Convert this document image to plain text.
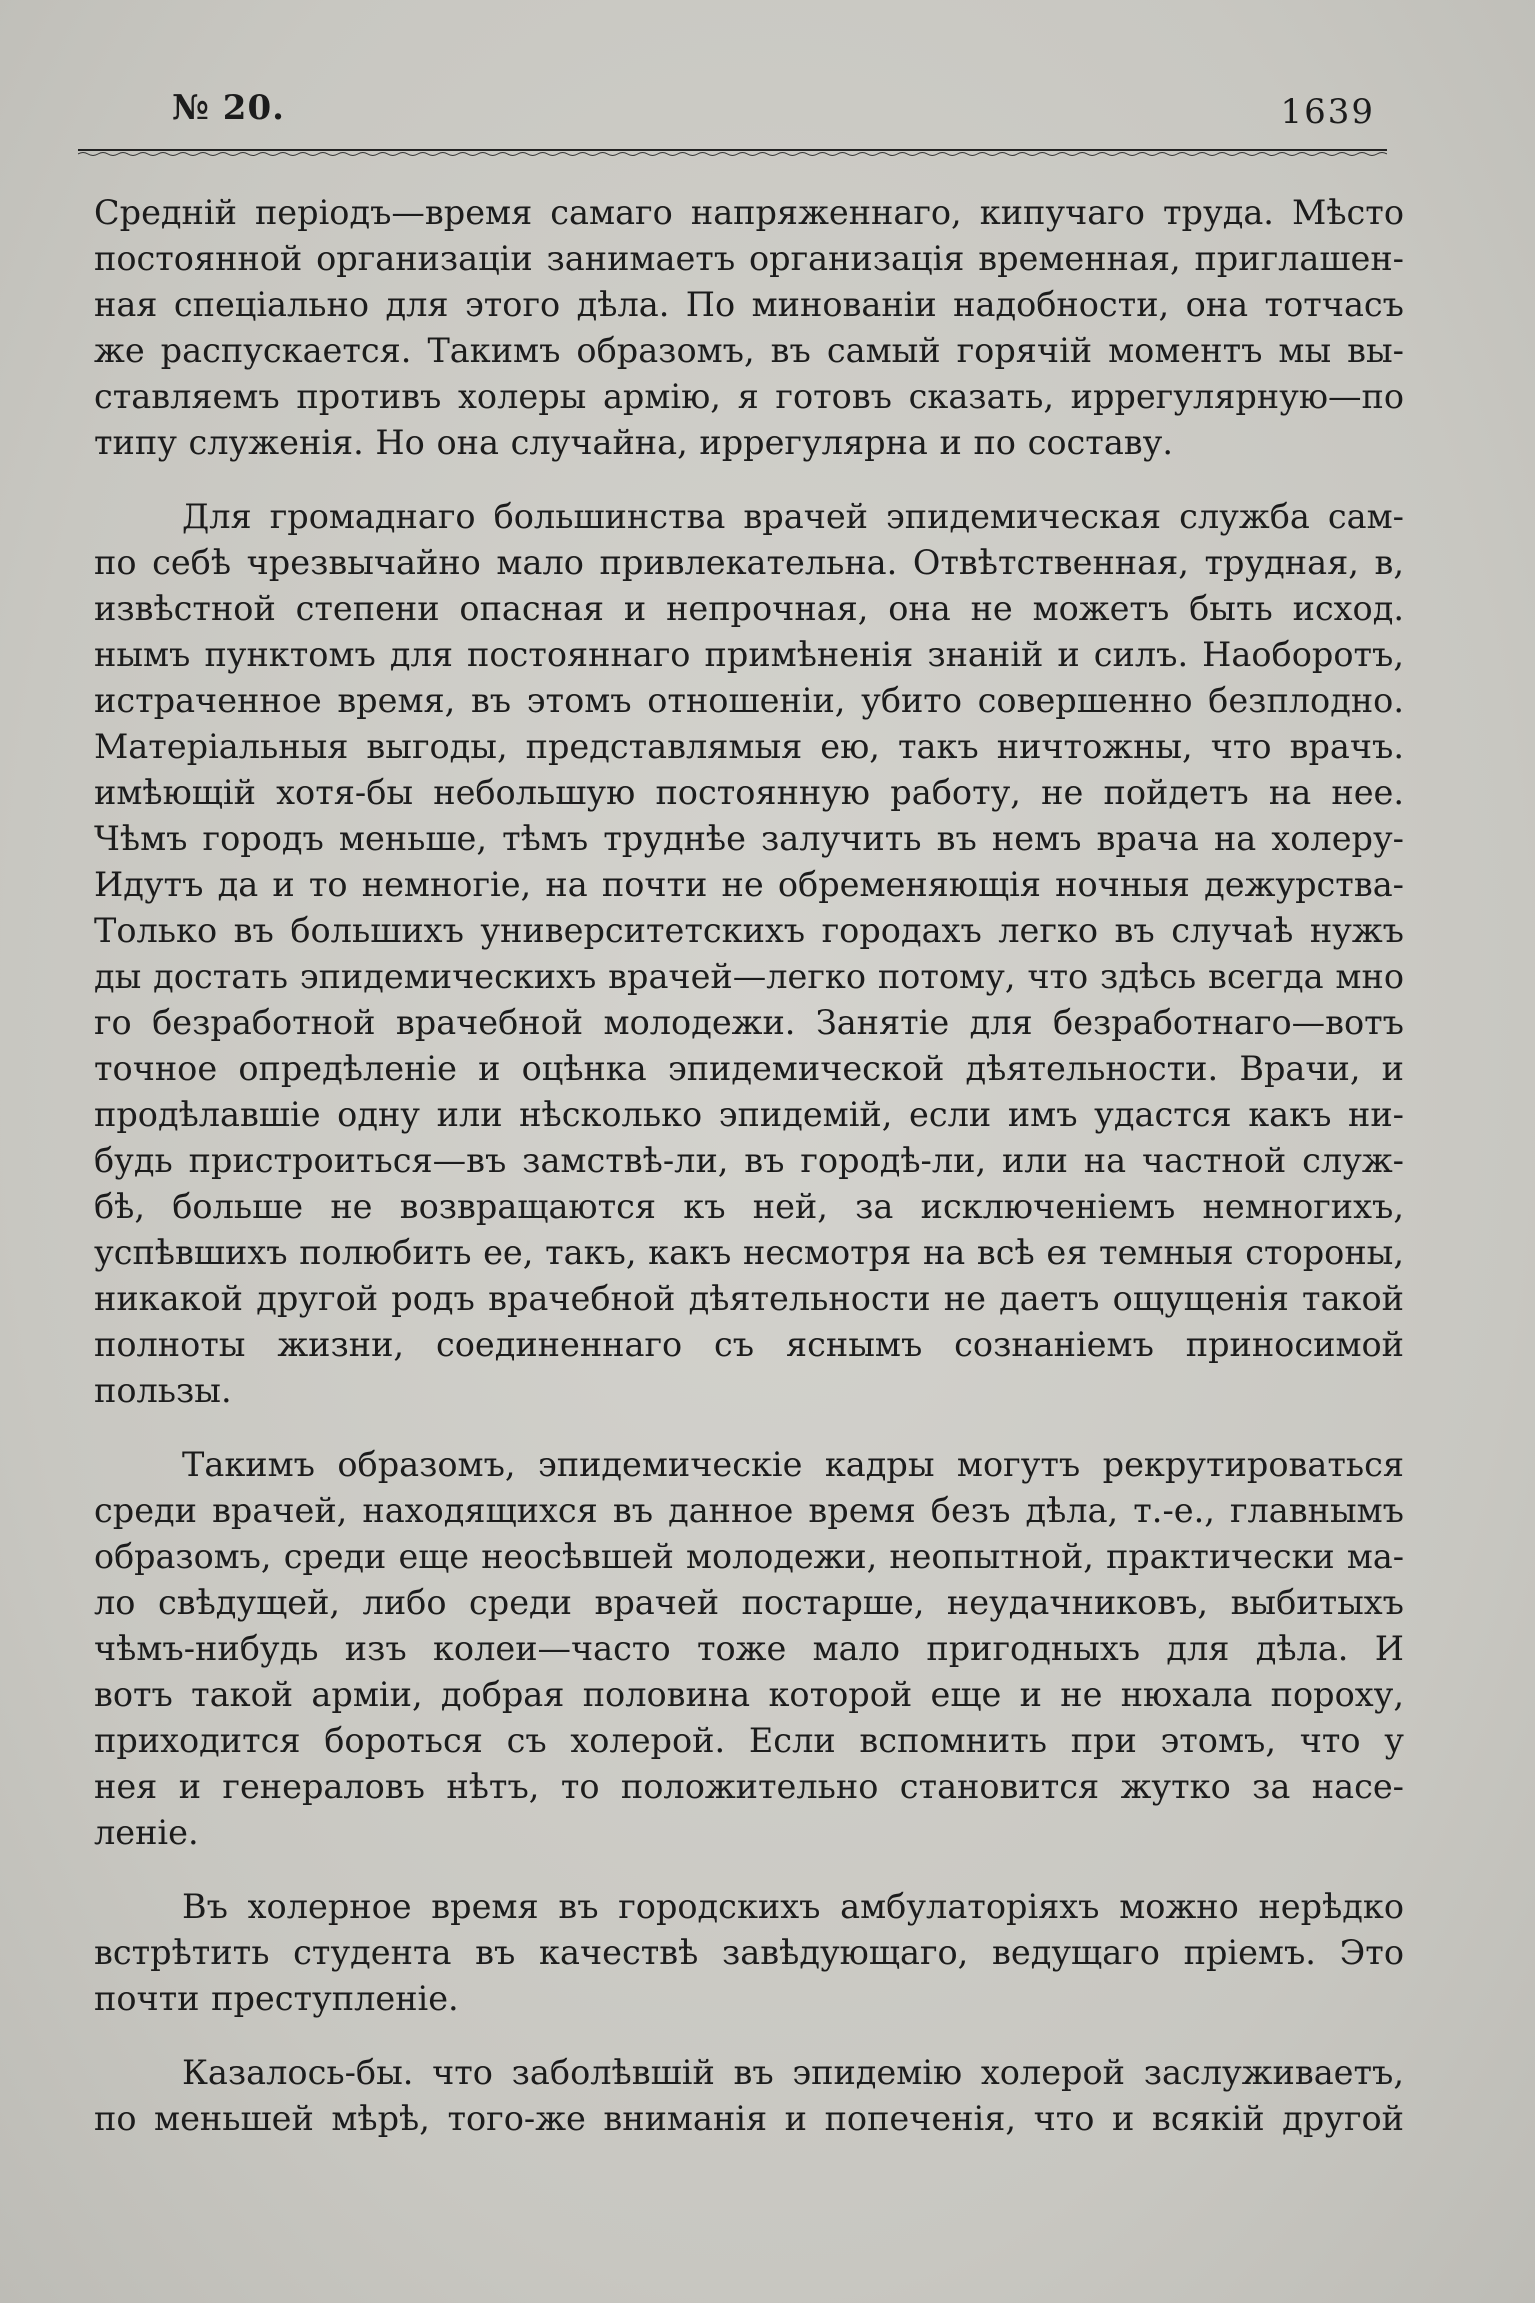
№ 20.	1639

Средній періодъ—время самаго напряженнаго, кипучаго труда. Мѣсто
постоянной организаціи занимаетъ организація временная, приглашен-
ная спеціально для этого дѣла. По минованіи надобности, она тотчасъ
же распускается. Такимъ образомъ, въ самый горячій моментъ мы вы-
ставляемъ противъ холеры армію, я готовъ сказать, иррегулярную—по
типу служенія. Но она случайна, иррегулярна и по составу.

Для громаднаго большинства врачей эпидемическая служба сам-
по себѣ чрезвычайно мало привлекательна. Отвѣтственная, трудная, в,
извѣстной степени опасная и непрочная, она не можетъ быть исход.
нымъ пунктомъ для постояннаго примѣненія знаній и силъ. Наоборотъ,
истраченное время, въ этомъ отношеніи, убито совершенно безплодно.
Матеріальныя выгоды, представлямыя ею, такъ ничтожны, что врачъ.
имѣющій хотя-бы небольшую постоянную работу, не пойдетъ на нее.
Чѣмъ городъ меньше, тѣмъ труднѣе залучить въ немъ врача на холеру-
Идутъ да и то немногіе, на почти не обременяющія ночныя дежурства-
Только въ большихъ университетскихъ городахъ легко въ случаѣ нужъ
ды достать эпидемическихъ врачей—легко потому, что здѣсь всегда мно
го безработной врачебной молодежи. Занятіе для безработнаго—вотъ
точное опредѣленіе и оцѣнка эпидемической дѣятельности. Врачи, и
продѣлавшіе одну или нѣсколько эпидемій, если имъ удастся какъ ни-
будь пристроиться—въ замствѣ-ли, въ городѣ-ли, или на частной служ-
бѣ, больше не возвращаются къ ней, за исключеніемъ немногихъ,
успѣвшихъ полюбить ее, такъ, какъ несмотря на всѣ ея темныя стороны,
никакой другой родъ врачебной дѣятельности не даетъ ощущенія такой
полноты жизни, соединеннаго съ яснымъ сознаніемъ приносимой
пользы.

Такимъ образомъ, эпидемическіе кадры могутъ рекрутироваться
среди врачей, находящихся въ данное время безъ дѣла, т.-е., главнымъ
образомъ, среди еще неосѣвшей молодежи, неопытной, практически ма-
ло свѣдущей, либо среди врачей постарше, неудачниковъ, выбитыхъ
чѣмъ-нибудь изъ колеи—часто тоже мало пригодныхъ для дѣла. И
вотъ такой арміи, добрая половина которой еще и не нюхала пороху,
приходится бороться съ холерой. Если вспомнить при этомъ, что у
нея и генераловъ нѣтъ, то положительно становится жутко за насе-
леніе.

Въ холерное время въ городскихъ амбулаторіяхъ можно нерѣдко
встрѣтить студента въ качествѣ завѣдующаго, ведущаго пріемъ. Это
почти преступленіе.

Казалось-бы. что заболѣвшій въ эпидемію холерой заслуживаетъ,
по меньшей мѣрѣ, того-же вниманія и попеченія, что и всякій другой
